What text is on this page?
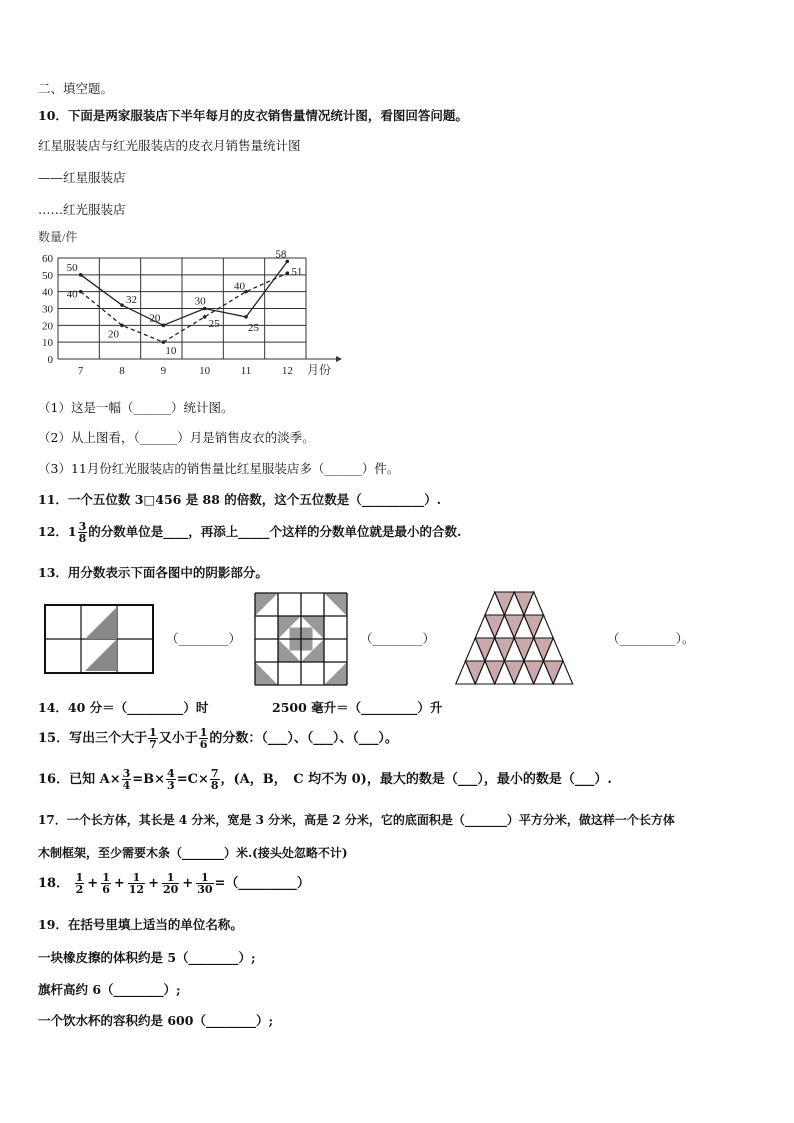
二、填空题。
10．下面是两家服装店下半年每月的皮衣销售量情况统计图，看图回答问题。
红星服装店与红光服装店的皮衣月销售量统计图
——红星服装店
……红光服装店
0
10
20
30
40
50
60
7	8	9	10	11	12
50
32
20
30
25
58
40
20
10
25
40
51
数量/件
月份
（1）这是一幅（______）统计图。
（2）从上图看，（______）月是销售皮衣的淡季。
（3）11月份红光服装店的销售量比红星服装店多（______）件。
11．一个五位数 3□456 是 88 的倍数，这个五位数是（__________）.
12．$1 \frac{3}{8}$ 的分数单位是____，再添上_____个这样的分数单位就是最小的合数.
13．用分数表示下面各图中的阴影部分。
（________）	（________）	（_________）。
14．40 分＝（_________）时	2500 毫升＝（_________）升
15．写出三个大于 $\frac{1}{7}$ 又小于 $\frac{1}{6}$ 的分数：（___）、（___）、（___）。
16．已知 $A\times \frac{3}{4} =B\times \frac{4}{3} =C\times \frac{7}{8}$ ，(A，B，　C 均不为 0)，最大的数是（___），最小的数是（___）.
17．一个长方体，其长是 4 分米，宽是 3 分米，高是 2 分米，它的底面积是（_______）平方分米，做这样一个长方体
木制框架，至少需要木条（_______）米.(接头处忽略不计)
18． $\frac{1}{2} + \frac{1}{6} + \frac{1}{12} + \frac{1}{20} + \frac{1}{30}$ =（_________）
19．在括号里填上适当的单位名称。
一块橡皮擦的体积约是 5（________）;
旗杆高约 6（________）;
一个饮水杯的容积约是 600（________）;
